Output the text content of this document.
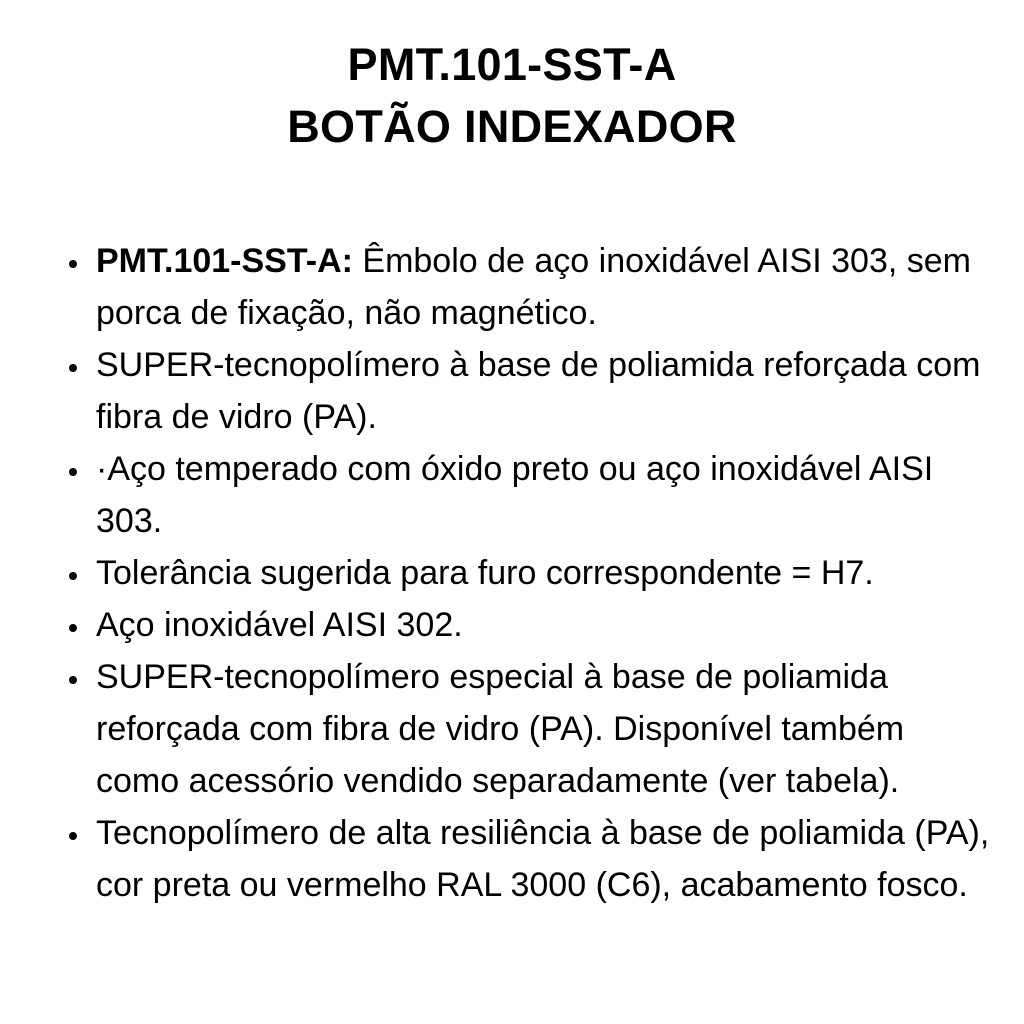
PMT.101-SST-A
BOTÃO INDEXADOR
PMT.101-SST-A: Êmbolo de aço inoxidável AISI 303, sem porca de fixação, não magnético.
SUPER-tecnopolímero à base de poliamida reforçada com fibra de vidro (PA).
·Aço temperado com óxido preto ou aço inoxidável AISI 303.
Tolerância sugerida para furo correspondente = H7.
Aço inoxidável AISI 302.
SUPER-tecnopolímero especial à base de poliamida reforçada com fibra de vidro (PA). Disponível também como acessório vendido separadamente (ver tabela).
Tecnopolímero de alta resiliência à base de poliamida (PA), cor preta ou vermelho RAL 3000 (C6), acabamento fosco.
